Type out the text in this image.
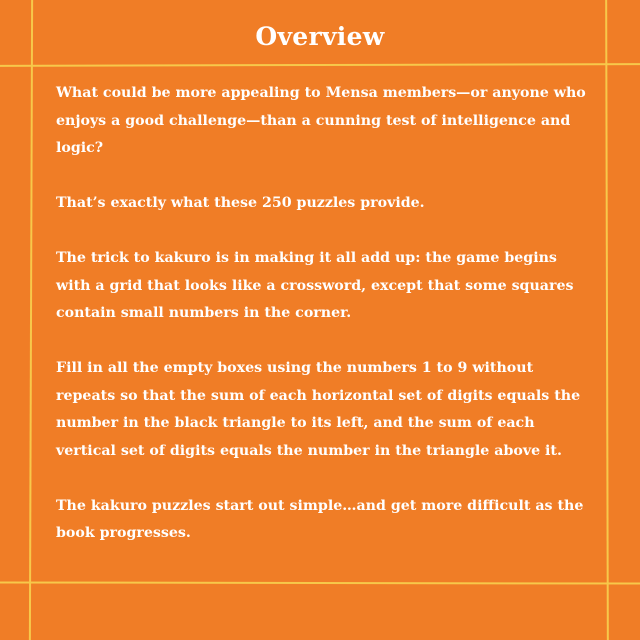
Overview

What could be more appealing to Mensa members—or anyone who enjoys a good challenge—than a cunning test of intelligence and logic?

That’s exactly what these 250 puzzles provide.

The trick to kakuro is in making it all add up: the game begins with a grid that looks like a crossword, except that some squares contain small numbers in the corner.

Fill in all the empty boxes using the numbers 1 to 9 without repeats so that the sum of each horizontal set of digits equals the number in the black triangle to its left, and the sum of each vertical set of digits equals the number in the triangle above it.

The kakuro puzzles start out simple…and get more difficult as the book progresses.
